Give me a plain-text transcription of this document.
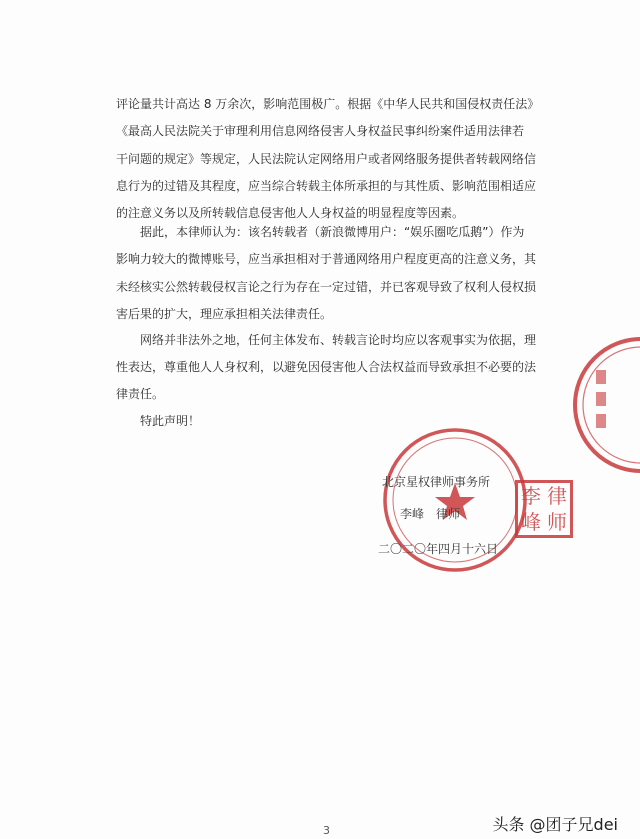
评论量共计高达 8 万余次，影响范围极广。根据《中华人民共和国侵权责任法》
《最高人民法院关于审理利用信息网络侵害人身权益民事纠纷案件适用法律若
干问题的规定》等规定，人民法院认定网络用户或者网络服务提供者转载网络信
息行为的过错及其程度，应当综合转载主体所承担的与其性质、影响范围相适应
的注意义务以及所转载信息侵害他人人身权益的明显程度等因素。
据此，本律师认为：该名转载者（新浪微博用户：“娱乐圈吃瓜鹅”）作为
影响力较大的微博账号，应当承担相对于普通网络用户程度更高的注意义务，其
未经核实公然转载侵权言论之行为存在一定过错，并已客观导致了权利人侵权损
害后果的扩大，理应承担相关法律责任。
网络并非法外之地，任何主体发布、转载言论时均应以客观事实为依据，理
性表达，尊重他人人身权利，以避免因侵害他人合法权益而导致承担不必要的法
律责任。
特此声明！
北京星权律师事务所
李峰　律师
二〇二〇年四月十六日
李 律
峰 师
3	头条 @团子兄dei
